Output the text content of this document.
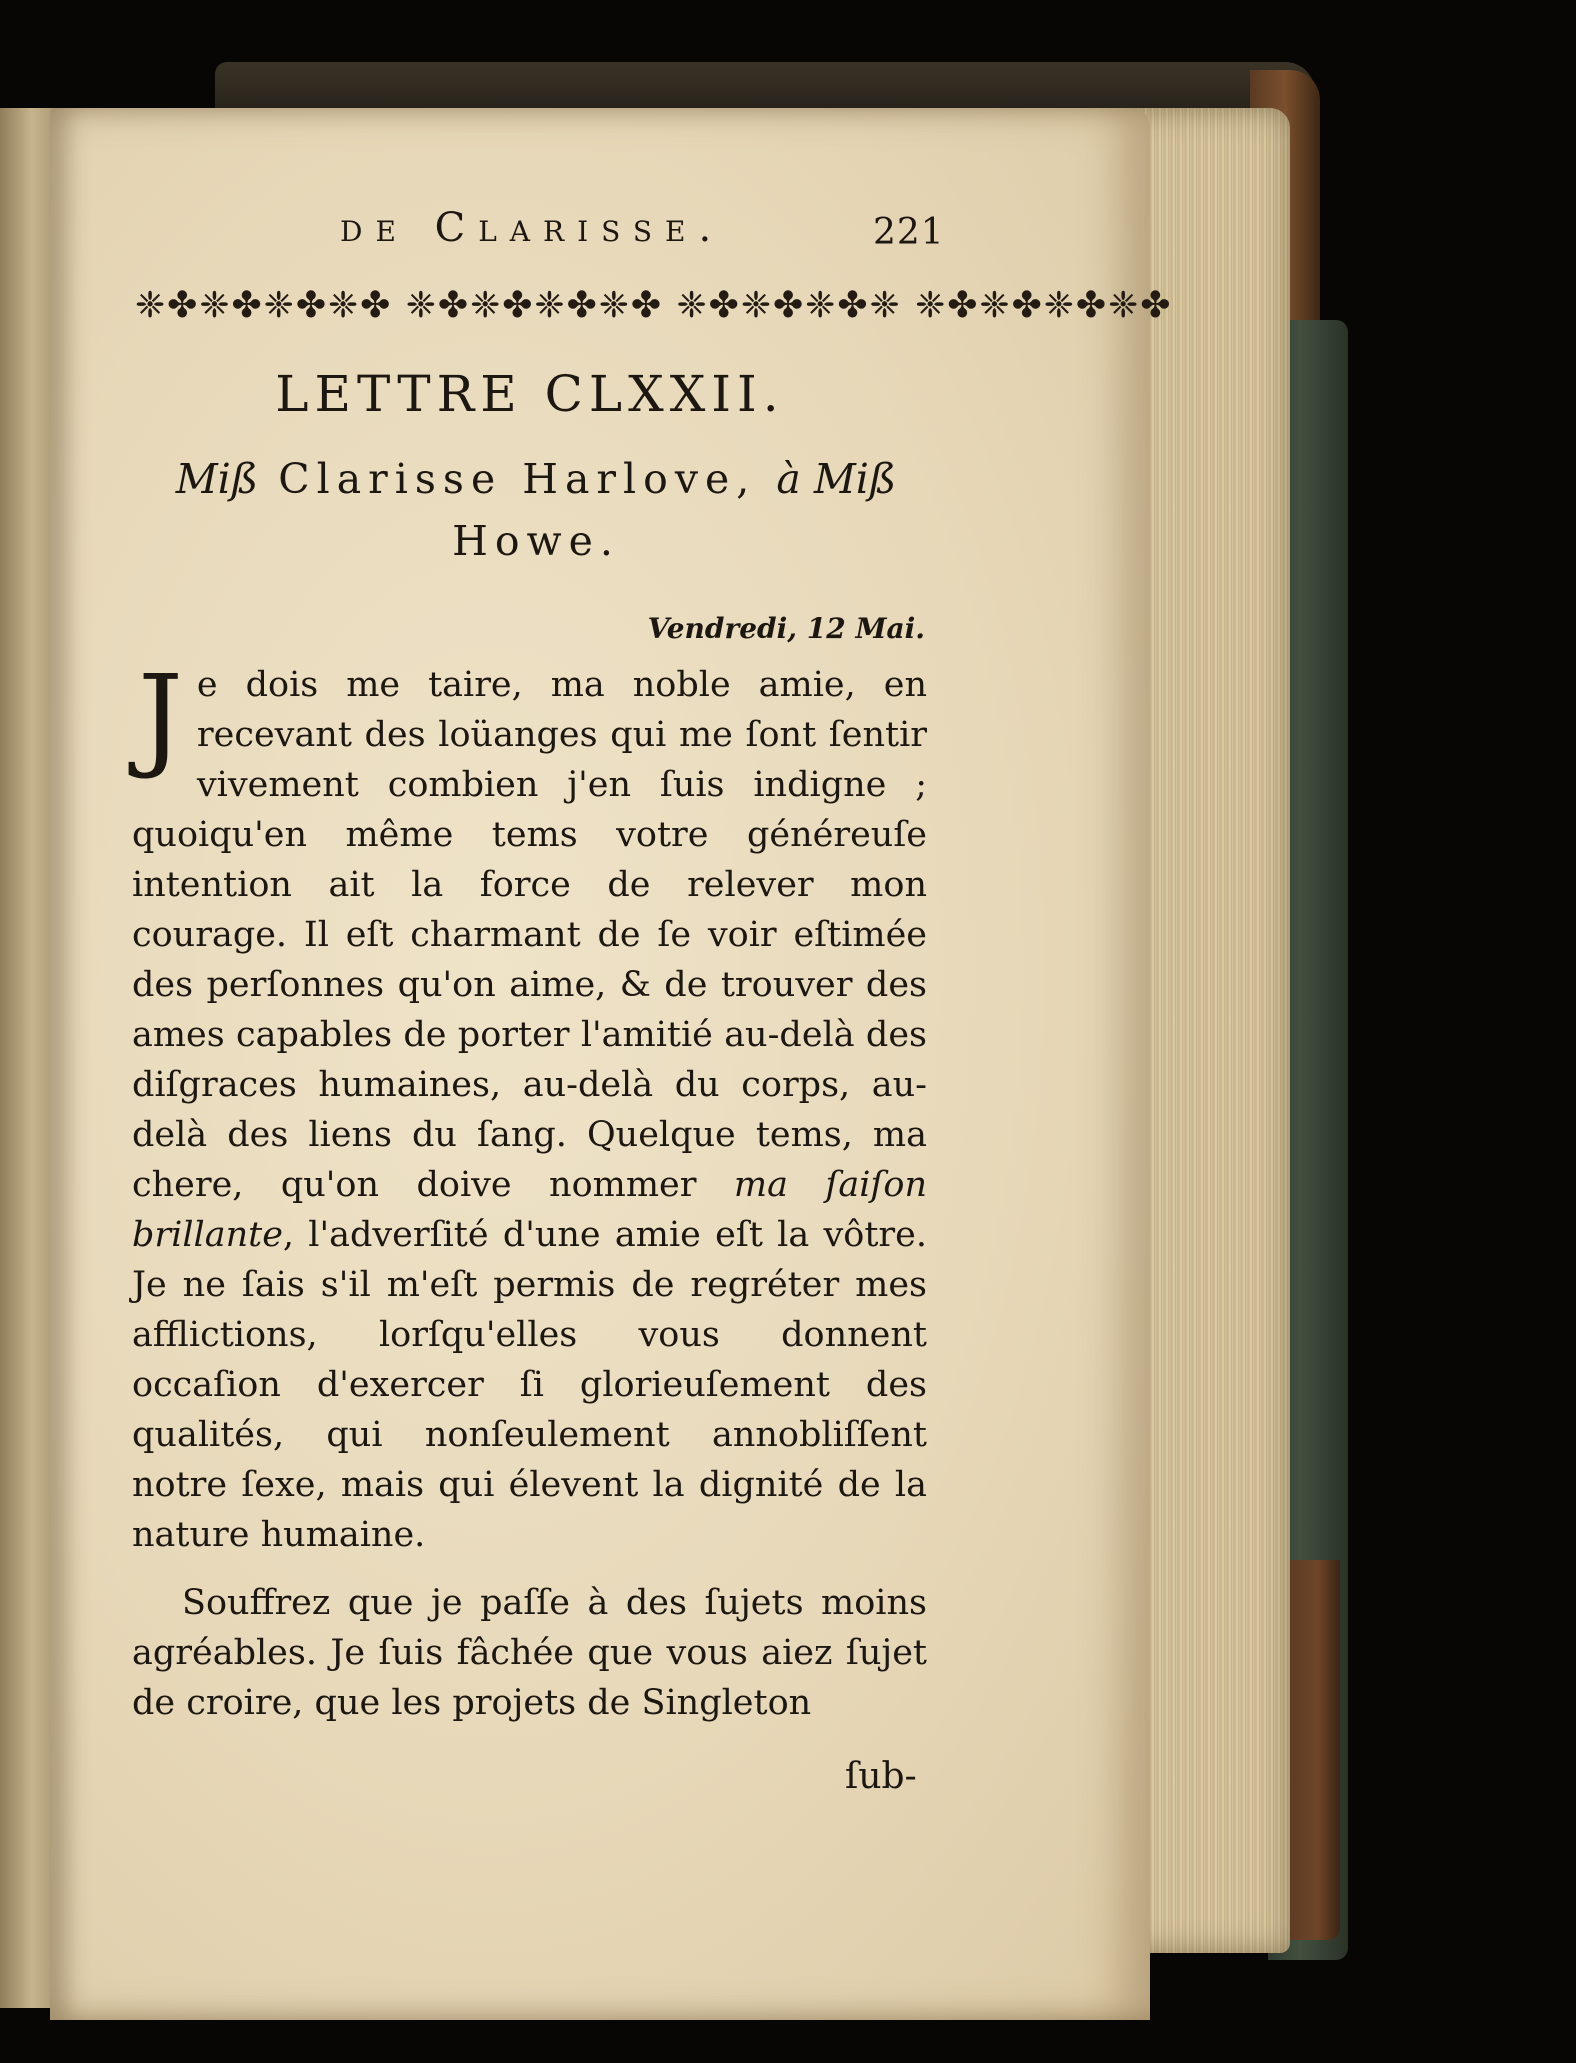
de Clarisse.	221
❈✤❈✤❈✤❈✤ ❈✤❈✤❈✤❈✤ ❈✤❈✤❈✤❈ ❈✤❈✤❈✤❈✤
LETTRE CLXXII.
Miß Clarisse Harlove, à Miß
Howe.
Vendredi, 12 Mai.

Je dois me taire, ma noble amie, en recevant des loüanges qui me ſont ſentir vivement combien j'en ſuis indigne ; quoiqu'en même tems votre généreuſe intention ait la force de relever mon courage. Il eſt charmant de ſe voir eſtimée des perſonnes qu'on aime, & de trouver des ames capables de porter l'amitié au-delà des diſgraces humaines, au-delà du corps, au-delà des liens du ſang. Quelque tems, ma chere, qu'on doive nommer ma ſaiſon brillante, l'adverſité d'une amie eſt la vôtre. Je ne ſais s'il m'eſt permis de regréter mes afflictions, lorſqu'elles vous donnent occaſion d'exercer ſi glorieuſement des qualités, qui nonſeulement annobliſſent notre ſexe, mais qui élevent la dignité de la nature humaine.

Souffrez que je paſſe à des ſujets moins agréables. Je ſuis fâchée que vous aiez ſujet de croire, que les projets de Singleton

ſub-
